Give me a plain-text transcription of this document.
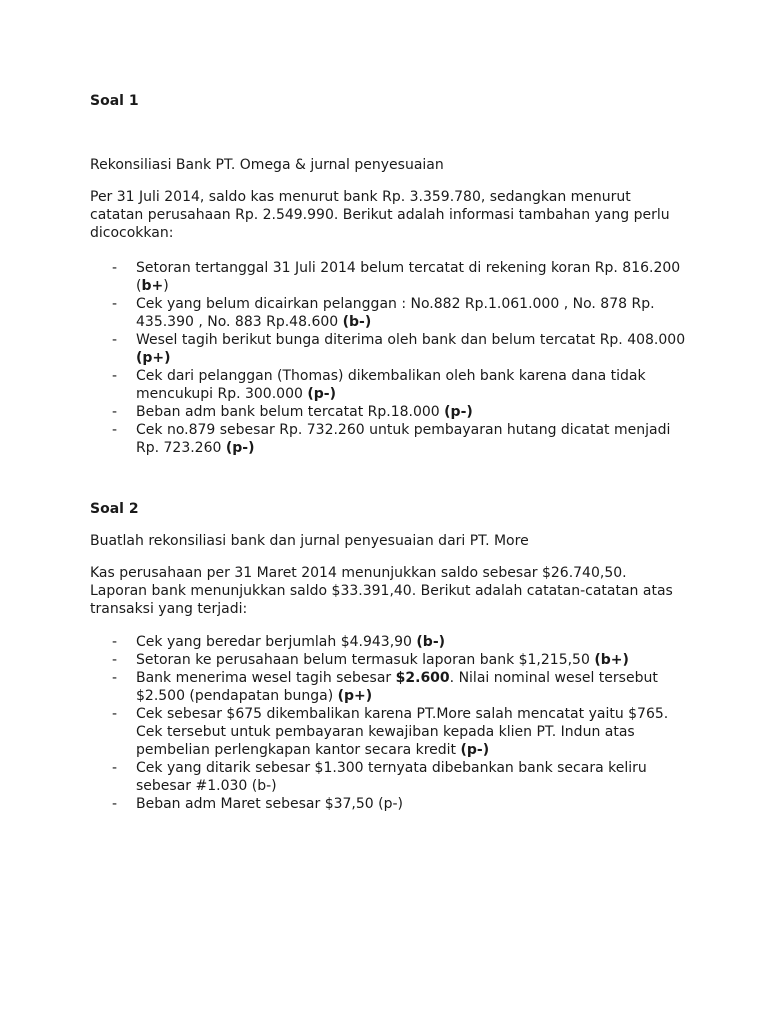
Soal 1

Rekonsiliasi Bank PT. Omega & jurnal penyesuaian

Per 31 Juli 2014, saldo kas menurut bank Rp. 3.359.780, sedangkan menurut
catatan perusahaan Rp. 2.549.990. Berikut adalah informasi tambahan yang perlu
dicocokkan:

- Setoran tertanggal 31 Juli 2014 belum tercatat di rekening koran Rp. 816.200
(b+)
- Cek yang belum dicairkan pelanggan : No.882 Rp.1.061.000 , No. 878 Rp.
435.390 , No. 883 Rp.48.600 (b-)
- Wesel tagih berikut bunga diterima oleh bank dan belum tercatat Rp. 408.000
(p+)
- Cek dari pelanggan (Thomas) dikembalikan oleh bank karena dana tidak
mencukupi Rp. 300.000 (p-)
- Beban adm bank belum tercatat Rp.18.000 (p-)
- Cek no.879 sebesar Rp. 732.260 untuk pembayaran hutang dicatat menjadi
Rp. 723.260 (p-)
Soal 2

Buatlah rekonsiliasi bank dan jurnal penyesuaian dari PT. More

Kas perusahaan per 31 Maret 2014 menunjukkan saldo sebesar $26.740,50.
Laporan bank menunjukkan saldo $33.391,40. Berikut adalah catatan-catatan atas
transaksi yang terjadi:

- Cek yang beredar berjumlah $4.943,90 (b-)
- Setoran ke perusahaan belum termasuk laporan bank $1,215,50 (b+)
- Bank menerima wesel tagih sebesar $2.600. Nilai nominal wesel tersebut
$2.500 (pendapatan bunga) (p+)
- Cek sebesar $675 dikembalikan karena PT.More salah mencatat yaitu $765.
Cek tersebut untuk pembayaran kewajiban kepada klien PT. Indun atas
pembelian perlengkapan kantor secara kredit (p-)
- Cek yang ditarik sebesar $1.300 ternyata dibebankan bank secara keliru
sebesar #1.030 (b-)
- Beban adm Maret sebesar $37,50 (p-)
